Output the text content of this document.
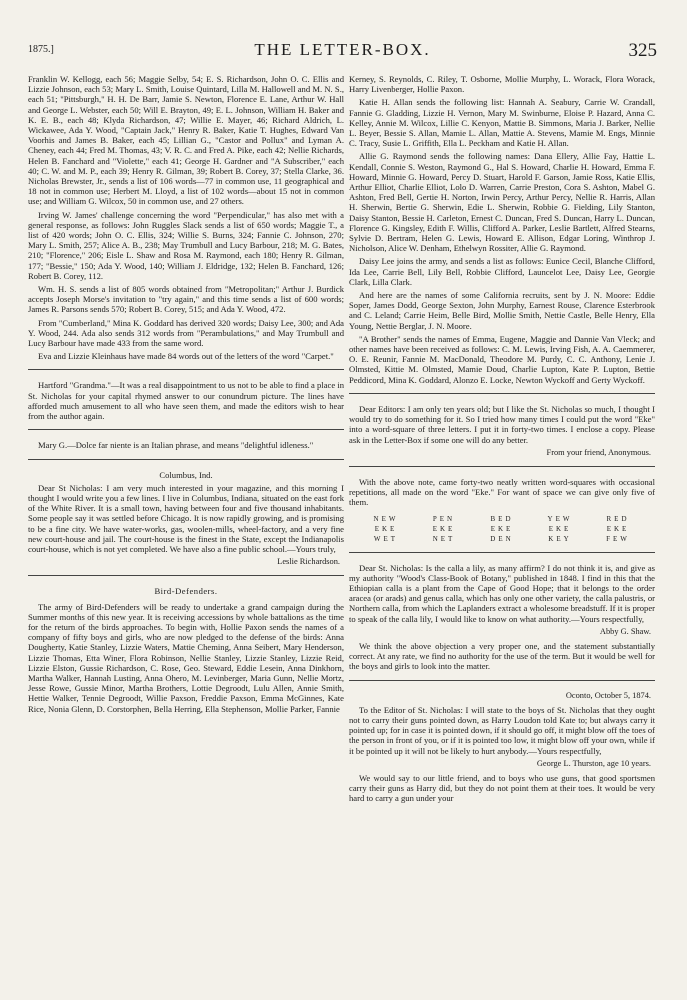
1875.]	THE LETTER-BOX.	325

Franklin W. Kellogg, each 56; Maggie Selby, 54; E. S. Richardson, John O. C. Ellis and Lizzie Johnson, each 53; Mary L. Smith, Louise Quintard, Lilla M. Hallowell and M. N. S., each 51; "Pittsburgh," H. H. De Barr, Jamie S. Newton, Florence E. Lane, Arthur W. Hall and George L. Webster, each 50; Will E. Brayton, 49; E. L. Johnson, William H. Baker and K. E. B., each 48; Klyda Richardson, 47; Willie E. Mayer, 46; Richard Aldrich, L. Wickawee, Ada Y. Wood, "Captain Jack," Henry R. Baker, Katie T. Hughes, Edward Van Voorhis and James B. Baker, each 45; Lillian G., "Castor and Pollux" and Lyman A. Cheney, each 44; Fred M. Thomas, 43; V. R. C. and Fred A. Pike, each 42; Nellie Richards, Helen B. Fanchard and "Violette," each 41; George H. Gardner and "A Subscriber," each 40; C. W. and M. P., each 39; Henry R. Gilman, 39; Robert B. Corey, 37; Stella Clarke, 36. Nicholas Brewster, Jr., sends a list of 106 words—77 in common use, 11 geographical and 18 not in common use; Herbert M. Lloyd, a list of 102 words—about 15 not in common use; and William G. Wilcox, 50 in common use, and 27 others.

Irving W. James' challenge concerning the word "Perpendicular," has also met with a general response, as follows: John Ruggles Slack sends a list of 650 words; Maggie T., a list of 420 words; John O. C. Ellis, 324; Willie S. Burns, 324; Fannie C. Johnson, 270; Mary L. Smith, 257; Alice A. B., 238; May Trumbull and Lucy Barbour, 218; M. G. Bates, 210; "Florence," 206; Eisle L. Shaw and Rosa M. Raymond, each 180; Henry R. Gilman, 177; "Bessie," 150; Ada Y. Wood, 140; William J. Eldridge, 132; Helen B. Fanchard, 126; Robert B. Corey, 112.

Wm. H. S. sends a list of 805 words obtained from "Metropolitan;" Arthur J. Burdick accepts Joseph Morse's invitation to "try again," and this time sends a list of 600 words; James R. Parsons sends 570; Robert B. Corey, 515; and Ada Y. Wood, 472.

From "Cumberland," Mina K. Goddard has derived 320 words; Daisy Lee, 300; and Ada Y. Wood, 244. Ada also sends 312 words from "Perambulations," and May Trumbull and Lucy Barbour have made 433 from the same word.

Eva and Lizzie Kleinhaus have made 84 words out of the letters of the word "Carpet."

Hartford "Grandma."—It was a real disappointment to us not to be able to find a place in St. Nicholas for your capital rhymed answer to our conundrum picture. The lines have afforded much amusement to all who have seen them, and made the editors wish to hear from the author again.

Mary G.—Dolce far niente is an Italian phrase, and means "delightful idleness."

Columbus, Ind.

Dear St Nicholas: I am very much interested in your magazine, and this morning I thought I would write you a few lines. I live in Columbus, Indiana, situated on the east fork of the White River. It is a small town, having between four and five thousand inhabitants. Some people say it was settled before Chicago. It is now rapidly growing, and is promising to be a fine city. We have water-works, gas, woolen-mills, wheel-factory, and a very fine new court-house and jail. The court-house is the finest in the State, except the Indianapolis court-house, which is not yet completed. We have also a fine public school.—Yours truly,

Leslie Richardson.
Bird-Defenders.

The army of Bird-Defenders will be ready to undertake a grand campaign during the Summer months of this new year. It is receiving accessions by whole battalions as the time for the return of the birds approaches. To begin with, Hollie Paxon sends the names of a company of fifty boys and girls, who are now pledged to the defense of the birds: Anna Dougherty, Katie Stanley, Lizzie Waters, Mattie Cheming, Anna Seibert, Mary Henderson, Lizzie Thomas, Etta Winer, Flora Robinson, Nellie Stanley, Lizzie Stanley, Lizzie Reid, Lizzie Elston, Gussie Richardson, C. Rose, Geo. Steward, Eddie Lesein, Anna Dinkhorn, Martha Walker, Hannah Lusting, Anna Ohero, M. Levinberger, Maria Gunn, Nellie Mortz, Jesse Rowe, Gussie Minor, Martha Brothers, Lottie Degroodt, Lulu Allen, Annie Smith, Hettie Walker, Tennie Degroodt, Willie Paxson, Freddie Paxson, Emma McGinnes, Kate Rice, Nonia Glenn, D. Corstorphen, Bella Herring, Ella Stephenson, Mollie Parker, Fannie

Kerney, S. Reynolds, C. Riley, T. Osborne, Mollie Murphy, L. Worack, Flora Worack, Harry Livenberger, Hollie Paxon.

Katie H. Allan sends the following list: Hannah A. Seabury, Carrie W. Crandall, Fannie G. Gladding, Lizzie H. Vernon, Mary M. Swinburne, Eloise P. Hazard, Anna C. Kelley, Annie M. Wilcox, Lillie C. Kenyon, Mattie B. Simmons, Maria J. Barker, Nellie L. Beyer, Bessie S. Allan, Mamie L. Allan, Mattie A. Stevens, Mamie M. Engs, Minnie C. Tracy, Susie L. Griffith, Ella L. Peckham and Katie H. Allan.

Allie G. Raymond sends the following names: Dana Ellery, Allie Fay, Hattie L. Kendall, Connie S. Weston, Raymond G., Hal S. Howard, Charlie H. Howard, Emma F. Howard, Minnie G. Howard, Percy D. Stuart, Harold F. Garson, Jamie Ross, Katie Ellis, Arthur Elliot, Charlie Elliot, Lolo D. Warren, Carrie Preston, Cora S. Ashton, Mabel G. Ashton, Fred Bell, Gertie H. Norton, Irwin Percy, Arthur Percy, Nellie R. Harris, Allan H. Sherwin, Bertie G. Sherwin, Edie L. Sherwin, Robbie G. Fielding, Lily Stanton, Daisy Stanton, Bessie H. Carleton, Ernest C. Duncan, Fred S. Duncan, Harry L. Duncan, Florence G. Kingsley, Edith F. Willis, Clifford A. Parker, Leslie Bartlett, Alfred Stearns, Sylvie D. Bertram, Helen G. Lewis, Howard E. Allison, Edgar Loring, Winthrop J. Nicholson, Alice W. Denham, Ethelwyn Rossiter, Allie G. Raymond.

Daisy Lee joins the army, and sends a list as follows: Eunice Cecil, Blanche Clifford, Ida Lee, Carrie Bell, Lily Bell, Robbie Clifford, Launcelot Lee, Daisy Lee, Georgie Clark, Lilla Clark.

And here are the names of some California recruits, sent by J. N. Moore: Eddie Soper, James Dodd, George Sexton, John Murphy, Earnest Rouse, Clarence Esterbrook and C. Leland; Carrie Heim, Belle Bird, Mollie Smith, Nettie Castle, Belle Henry, Ella Young, Nettie Berglar, J. N. Moore.

"A Brother" sends the names of Emma, Eugene, Maggie and Dannie Van Vleck; and other names have been received as follows: C. M. Lewis, Irving Fish, A. A. Caemmerer, O. E. Reunir, Fannie M. MacDonald, Theodore M. Purdy, C. C. Anthony, Lenie J. Olmsted, Kittie M. Olmsted, Mamie Doud, Charlie Lupton, Kate P. Lupton, Bettie Peddicord, Mina K. Goddard, Alonzo E. Locke, Newton Wyckoff and Gerty Wyckoff.

Dear Editors: I am only ten years old; but I like the St. Nicholas so much, I thought I would try to do something for it. So I tried how many times I could put the word "Eke" into a word-square of three letters. I put it in forty-two times. I enclose a copy. Please ask in the Letter-Box if some one will do any better.

From your friend, Anonymous.

With the above note, came forty-two neatly written word-squares with occasional repetitions, all made on the word "Eke." For want of space we can give only five of them.

NEW
EKE
WET
PEN
EKE
NET
BED
EKE
DEN
YEW
EKE
KEY
RED
EKE
FEW

Dear St. Nicholas: Is the calla a lily, as many affirm? I do not think it is, and give as my authority "Wood's Class-Book of Botany," published in 1848. I find in this that the Ethiopian calla is a plant from the Cape of Good Hope; that it belongs to the order aracea (or arads) and genus calla, which has only one other variety, the calla palustris, or Northern calla, from which the Laplanders extract a wholesome breadstuff. If it is proper to speak of the calla lily, I would like to know on what authority.—Yours respectfully,

Abby G. Shaw.

We think the above objection a very proper one, and the statement substantially correct. At any rate, we find no authority for the use of the term. But it would be well for the boys and girls to look into the matter.

Oconto, October 5, 1874.

To the Editor of St. Nicholas: I will state to the boys of St. Nicholas that they ought not to carry their guns pointed down, as Harry Loudon told Kate to; but always carry it pointed up; for in case it is pointed down, if it should go off, it might blow off the toes of the person in front of you, or if it is pointed too low, it might blow off your own, while if it be pointed up it will not be likely to hurt anybody.—Yours respectfully,

George L. Thurston, age 10 years.

We would say to our little friend, and to boys who use guns, that good sportsmen carry their guns as Harry did, but they do not point them at their toes. It would be very hard to carry a gun under your
